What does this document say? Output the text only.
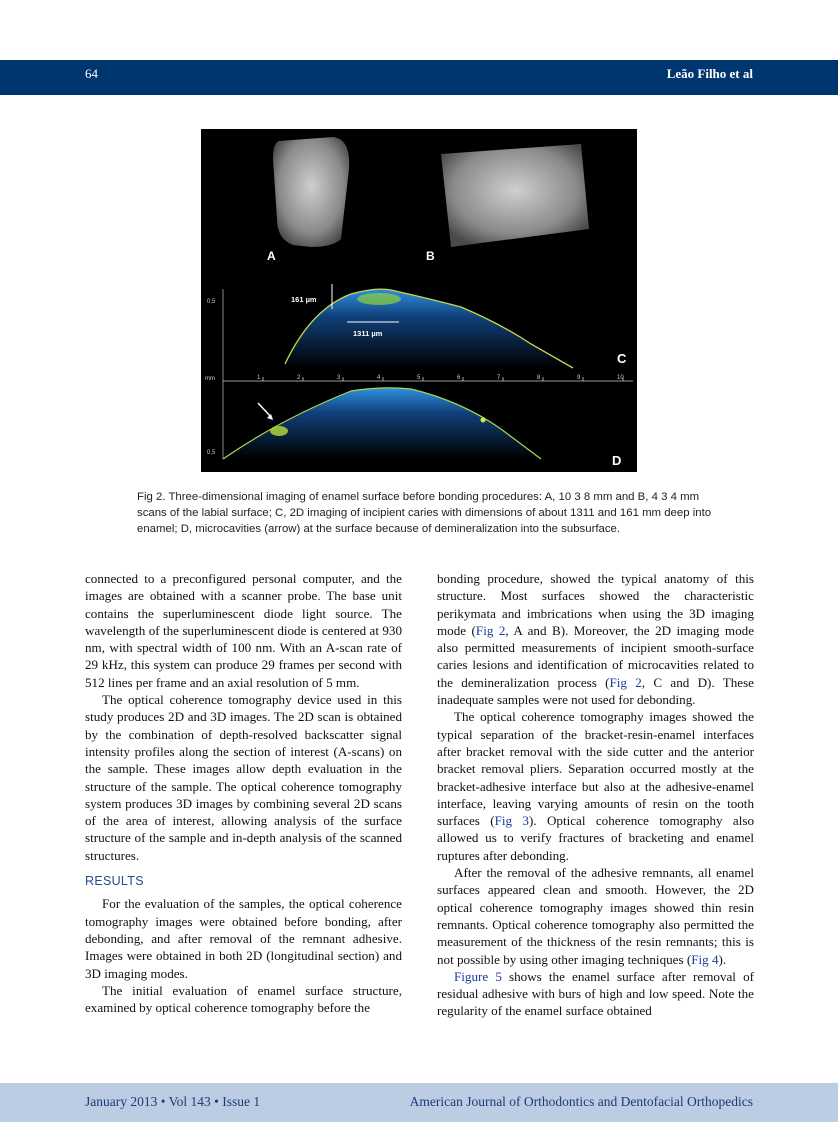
64	Leão Filho et al
A	B
161 µm
1311 µm
C
0,5
mm
0,5
1	2	3	4	5	6	7	8	9	10
D
Fig 2. Three-dimensional imaging of enamel surface before bonding procedures: A, 10 3 8 mm and B, 4 3 4 mm scans of the labial surface; C, 2D imaging of incipient caries with dimensions of about 1311 and 161 mm deep into enamel; D, microcavities (arrow) at the surface because of demineralization into the subsurface.

connected to a preconfigured personal computer, and the images are obtained with a scanner probe. The base unit contains the superluminescent diode light source. The wavelength of the superluminescent diode is centered at 930 nm, with spectral width of 100 nm. With an A-scan rate of 29 kHz, this system can produce 29 frames per second with 512 lines per frame and an axial resolution of 5 mm.

The optical coherence tomography device used in this study produces 2D and 3D images. The 2D scan is obtained by the combination of depth-resolved backscatter signal intensity profiles along the section of interest (A-scans) on the sample. These images allow depth evaluation in the structure of the sample. The optical coherence tomography system produces 3D images by combining several 2D scans of the area of interest, allowing analysis of the surface structure of the sample and in-depth analysis of the scanned structures.

RESULTS

For the evaluation of the samples, the optical coherence tomography images were obtained before bonding, after debonding, and after removal of the remnant adhesive. Images were obtained in both 2D (longitudinal section) and 3D imaging modes.

The initial evaluation of enamel surface structure, examined by optical coherence tomography before the

bonding procedure, showed the typical anatomy of this structure. Most surfaces showed the characteristic perikymata and imbrications when using the 3D imaging mode (Fig 2, A and B). Moreover, the 2D imaging mode also permitted measurements of incipient smooth-surface caries lesions and identification of microcavities related to the demineralization process (Fig 2, C and D). These inadequate samples were not used for debonding.

The optical coherence tomography images showed the typical separation of the bracket-resin-enamel interfaces after bracket removal with the side cutter and the anterior bracket removal pliers. Separation occurred mostly at the bracket-adhesive interface but also at the adhesive-enamel interface, leaving varying amounts of resin on the tooth surfaces (Fig 3). Optical coherence tomography also allowed us to verify fractures of bracketing and enamel ruptures after debonding.

After the removal of the adhesive remnants, all enamel surfaces appeared clean and smooth. However, the 2D optical coherence tomography images showed thin resin remnants. Optical coherence tomography also permitted the measurement of the thickness of the resin remnants; this is not possible by using other imaging techniques (Fig 4).

Figure 5 shows the enamel surface after removal of residual adhesive with burs of high and low speed. Note the regularity of the enamel surface obtained

January 2013 • Vol 143 • Issue 1	American Journal of Orthodontics and Dentofacial Orthopedics
